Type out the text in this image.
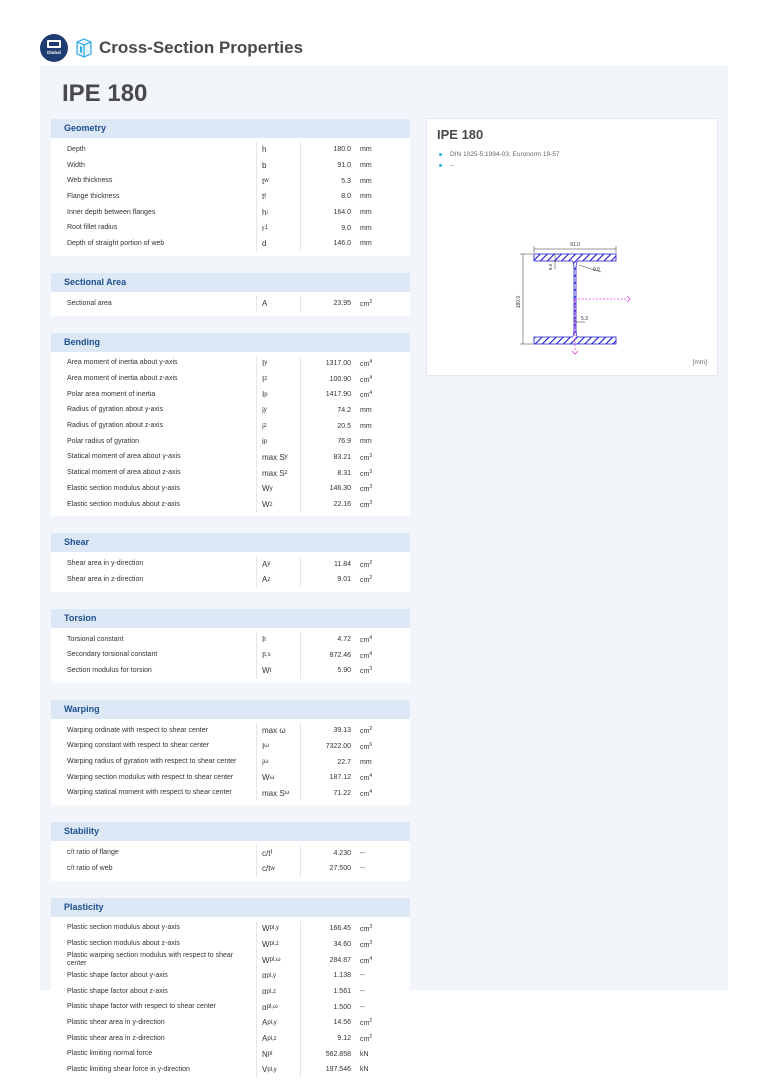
Dlubal Cross-Section Properties
IPE 180
Geometry
Depth	h	180.0	mm
Width	b	91.0	mm
Web thickness	t w	5.3	mm
Flange thickness	t f	8.0	mm
Inner depth between flanges	h i	164.0	mm
Root fillet radius	r 1	9.0	mm
Depth of straight portion of web	d	146.0	mm
Sectional Area
Sectional area	A	23.95	$cm^2$
Bending
Area moment of inertia about y-axis	I y	1317.00	$cm^4$
Area moment of inertia about z-axis	I z	100.90	$cm^4$
Polar area moment of inertia	I p	1417.90	$cm^4$
Radius of gyration about y-axis	i y	74.2	mm
Radius of gyration about z-axis	i z	20.5	mm
Polar radius of gyration	i p	76.9	mm
Statical moment of area about y-axis	max S y	83.21	$cm^3$
Statical moment of area about z-axis	max S z	8.31	$cm^3$
Elastic section modulus about y-axis	W y	146.30	$cm^3$
Elastic section modulus about z-axis	W z	22.16	$cm^3$
Shear
Shear area in y-direction	A y	11.84	$cm^2$
Shear area in z-direction	A z	9.01	$cm^2$
Torsion
Torsional constant	I t	4.72	$cm^4$
Secondary torsional constant	I t,s	872.46	$cm^4$
Section modulus for torsion	W t	5.90	$cm^3$
Warping
Warping ordinate with respect to shear center	max ω	39.13	$cm^2$
Warping constant with respect to shear center	I ω	7322.00	$cm^6$
Warping radius of gyration with respect to shear center	i ω	22.7	mm
Warping section modulus with respect to shear center	W ω	187.12	$cm^4$
Warping statical moment with respect to shear center	max S ω	71.22	$cm^4$
Stability
c/t ratio of flange	c/t f	4.230	--
c/t ratio of web	c/t w	27.500	--
Plasticity
Plastic section modulus about y-axis	W pl,y	166.45	$cm^3$
Plastic section modulus about z-axis	W pl,z	34.60	$cm^3$
Plastic warping section modulus with respect to shear center	W pl,ω	284.87	$cm^4$
Plastic shape factor about y-axis	α pl,y	1.138	--
Plastic shape factor about z-axis	α pl,z	1.561	--
Plastic shape factor with respect to shear center	α pl,ω	1.500	--
Plastic shear area in y-direction	A pl,y	14.56	$cm^2$
Plastic shear area in z-direction	A pl,z	9.12	$cm^2$
Plastic limiting normal force	N pl	562.858	kN
Plastic limiting shear force in y-direction	V pl,y	197.546	kN
91.0
180.0
8.0	9.0
5.3
IPE 180
DIN 1025-5:1994-03; Euronorm 19-57
--
[mm]
